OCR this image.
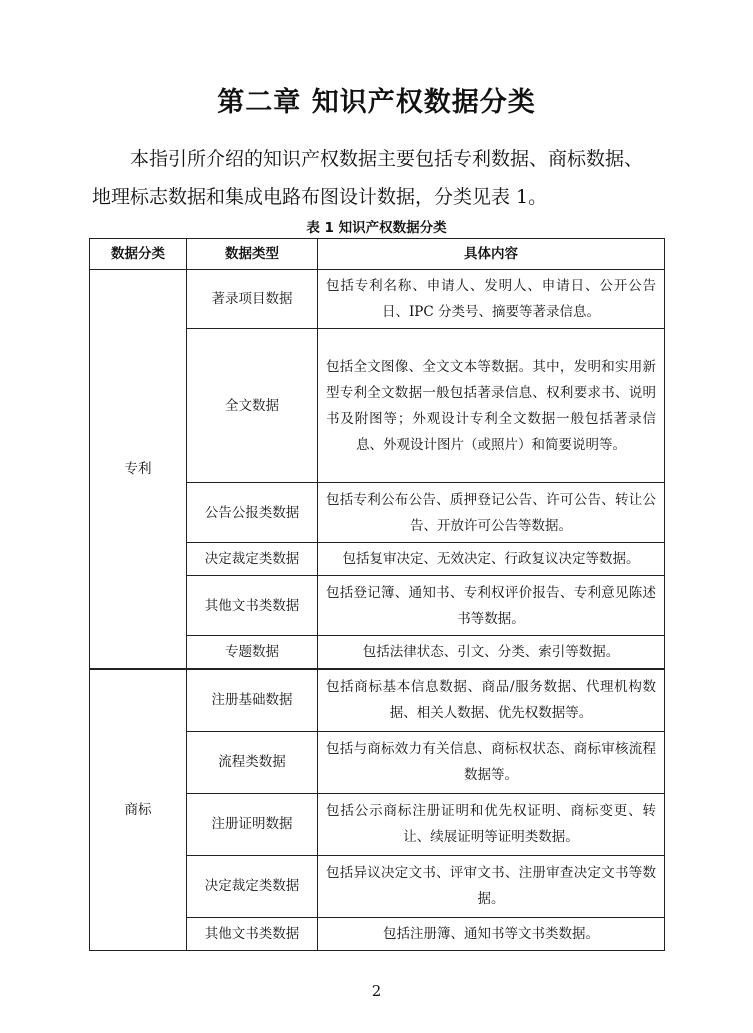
第二章 知识产权数据分类
本指引所介绍的知识产权数据主要包括专利数据、商标数据、
地理标志数据和集成电路布图设计数据，分类见表 1。
表 1 知识产权数据分类
数据分类	数据类型	具体内容
专利	著录项目数据	包括专利名称、申请人、发明人、申请日、公开公告日、IPC 分类号、摘要等著录信息。
	全文数据	包括全文图像、全文文本等数据。其中，发明和实用新型专利全文数据一般包括著录信息、权利要求书、说明书及附图等；外观设计专利全文数据一般包括著录信息、外观设计图片（或照片）和简要说明等。
	公告公报类数据	包括专利公布公告、质押登记公告、许可公告、转让公告、开放许可公告等数据。
	决定裁定类数据	包括复审决定、无效决定、行政复议决定等数据。
	其他文书类数据	包括登记簿、通知书、专利权评价报告、专利意见陈述书等数据。
	专题数据	包括法律状态、引文、分类、索引等数据。
商标	注册基础数据	包括商标基本信息数据、商品/服务数据、代理机构数据、相关人数据、优先权数据等。
	流程类数据	包括与商标效力有关信息、商标权状态、商标审核流程数据等。
	注册证明数据	包括公示商标注册证明和优先权证明、商标变更、转让、续展证明等证明类数据。
	决定裁定类数据	包括异议决定文书、评审文书、注册审查决定文书等数据。
	其他文书类数据	包括注册簿、通知书等文书类数据。
2
